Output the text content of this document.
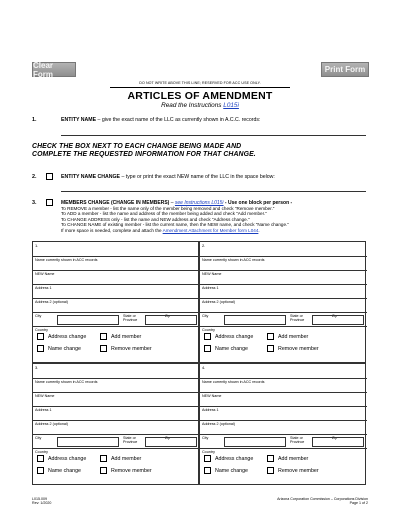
Clear Form	Print Form
DO NOT WRITE ABOVE THIS LINE; RESERVED FOR ACC USE ONLY.
ARTICLES OF AMENDMENT
Read the Instructions L015i
1.	ENTITY NAME – give the exact name of the LLC as currently shown in A.C.C. records:
CHECK THE BOX NEXT TO EACH CHANGE BEING MADE AND
COMPLETE THE REQUESTED INFORMATION FOR THAT CHANGE.
2.	ENTITY NAME CHANGE – type or print the exact NEW name of the LLC in the space below:
3.	MEMBERS CHANGE (CHANGE IN MEMBERS) – see Instructions L015i - Use one block per person -
To REMOVE a member - list the name only of the member being removed and check "Remove member."
To ADD a member - list the name and address of the member being added and check "Add member."
To CHANGE ADDRESS only - list the name and NEW address and check "Address change."
To CHANGE NAME of existing member - list the current name, then the NEW name, and check "Name change."
If more space is needed, complete and attach the Amendment Attachment for Member form L044.
1.
Name currently shown in ACC records
NEW Name
Address 1
Address 2 (optional)
City	State or
Province
Zip
Country
Address change	Add member
Name change	Remove member
2.
Name currently shown in ACC records
NEW Name
Address 1
Address 2 (optional)
City	State or
Province
Zip
Country
Address change	Add member
Name change	Remove member
3.
Name currently shown in ACC records
NEW Name
Address 1
Address 2 (optional)
City	State or
Province
Zip
Country
Address change	Add member
Name change	Remove member
4.
Name currently shown in ACC records
NEW Name
Address 1
Address 2 (optional)
City	State or
Province
Zip
Country
Address change	Add member
Name change	Remove member
L015.009
Rev: 1/2020
Arizona Corporation Commission – Corporations Division
Page 1 of 2
